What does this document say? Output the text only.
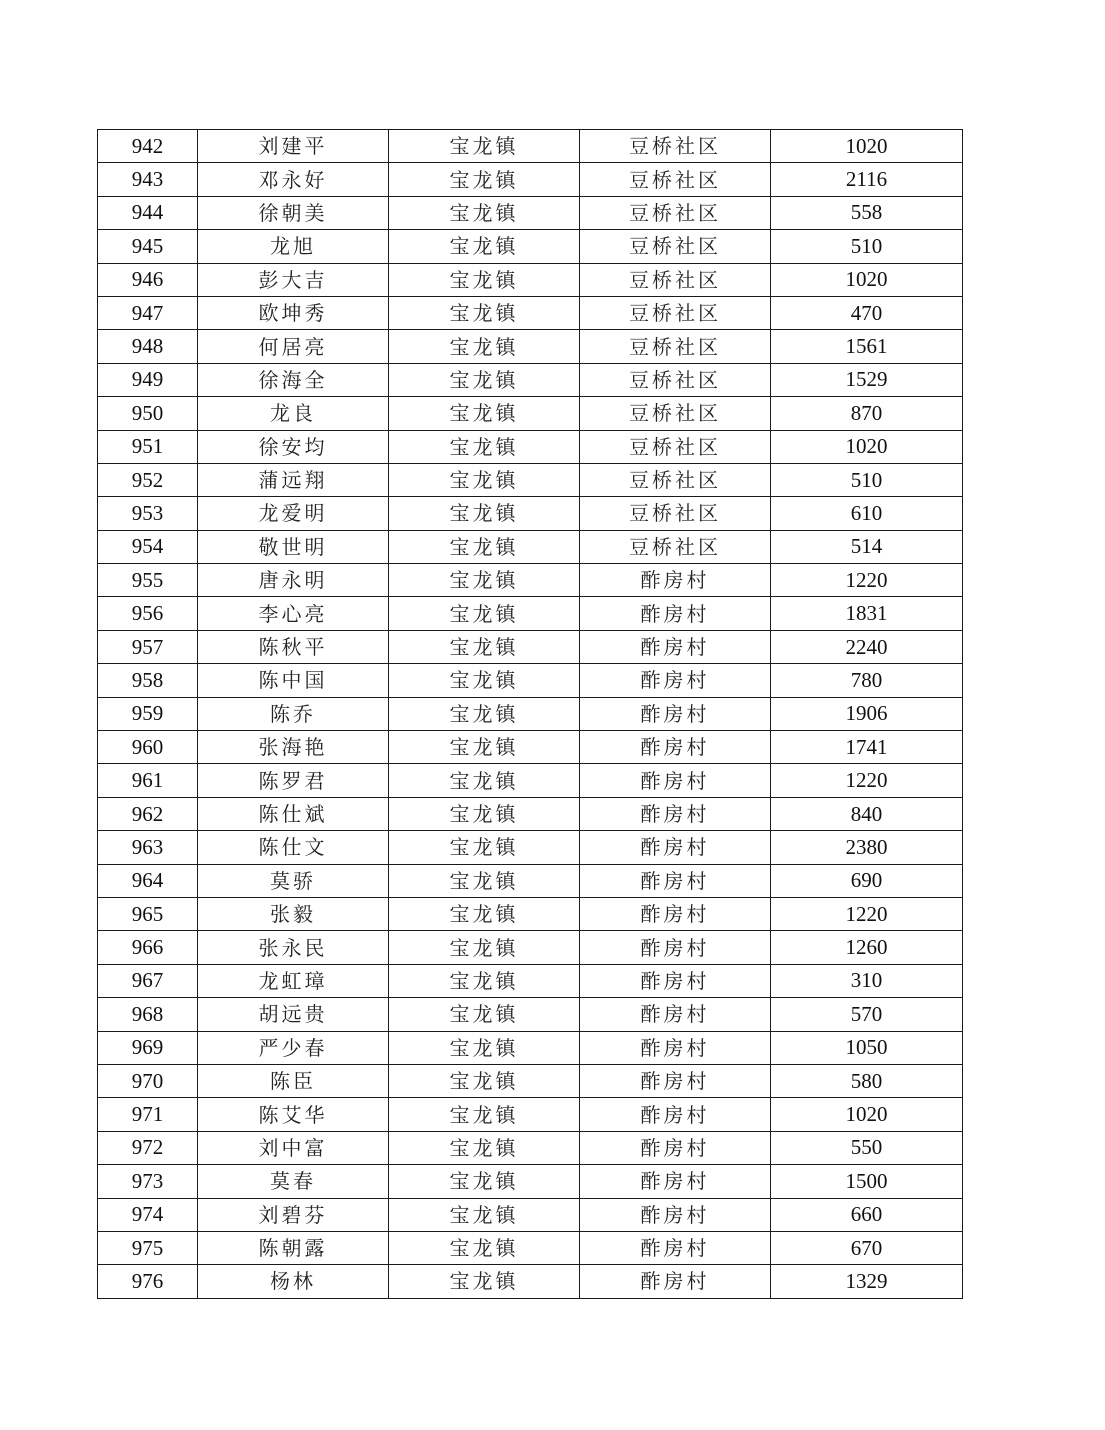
942	刘建平	宝龙镇	豆桥社区	1020
943	邓永好	宝龙镇	豆桥社区	2116
944	徐朝美	宝龙镇	豆桥社区	558
945	龙旭	宝龙镇	豆桥社区	510
946	彭大吉	宝龙镇	豆桥社区	1020
947	欧坤秀	宝龙镇	豆桥社区	470
948	何居亮	宝龙镇	豆桥社区	1561
949	徐海全	宝龙镇	豆桥社区	1529
950	龙良	宝龙镇	豆桥社区	870
951	徐安均	宝龙镇	豆桥社区	1020
952	蒲远翔	宝龙镇	豆桥社区	510
953	龙爱明	宝龙镇	豆桥社区	610
954	敬世明	宝龙镇	豆桥社区	514
955	唐永明	宝龙镇	酢房村	1220
956	李心亮	宝龙镇	酢房村	1831
957	陈秋平	宝龙镇	酢房村	2240
958	陈中国	宝龙镇	酢房村	780
959	陈乔	宝龙镇	酢房村	1906
960	张海艳	宝龙镇	酢房村	1741
961	陈罗君	宝龙镇	酢房村	1220
962	陈仕斌	宝龙镇	酢房村	840
963	陈仕文	宝龙镇	酢房村	2380
964	莫骄	宝龙镇	酢房村	690
965	张毅	宝龙镇	酢房村	1220
966	张永民	宝龙镇	酢房村	1260
967	龙虹璋	宝龙镇	酢房村	310
968	胡远贵	宝龙镇	酢房村	570
969	严少春	宝龙镇	酢房村	1050
970	陈臣	宝龙镇	酢房村	580
971	陈艾华	宝龙镇	酢房村	1020
972	刘中富	宝龙镇	酢房村	550
973	莫春	宝龙镇	酢房村	1500
974	刘碧芬	宝龙镇	酢房村	660
975	陈朝露	宝龙镇	酢房村	670
976	杨林	宝龙镇	酢房村	1329
